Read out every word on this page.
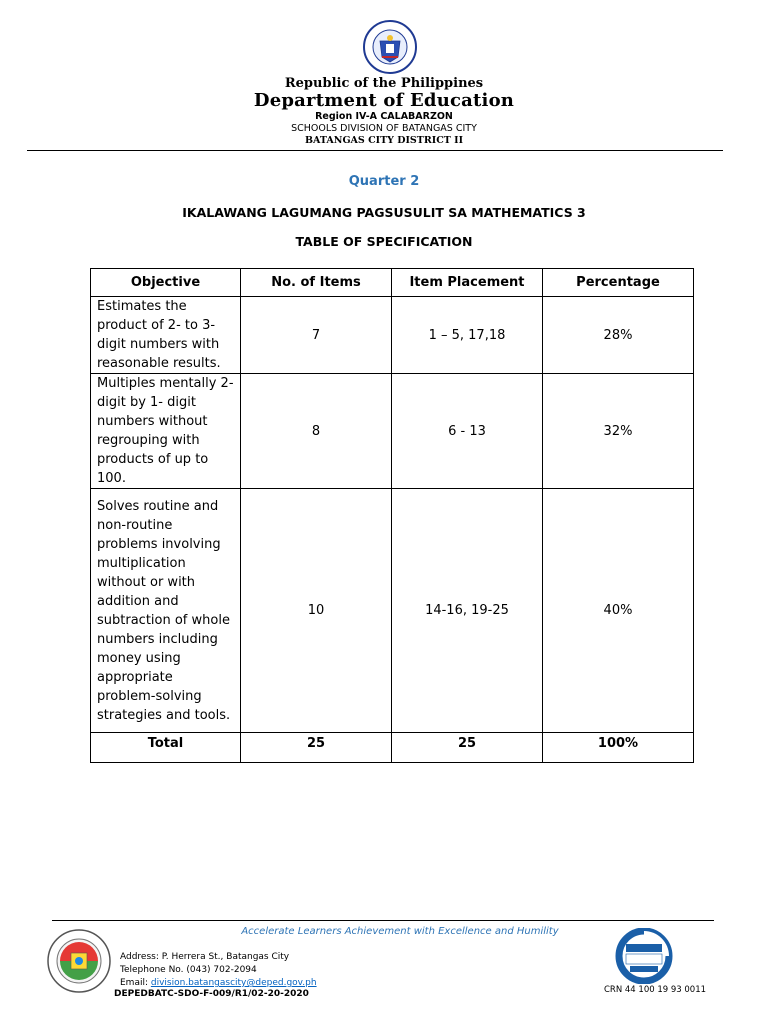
Republic of the Philippines
Department of Education
Region IV-A CALABARZON
SCHOOLS DIVISION OF BATANGAS CITY
BATANGAS CITY DISTRICT II
Quarter 2
IKALAWANG LAGUMANG PAGSUSULIT SA MATHEMATICS 3
TABLE OF SPECIFICATION
Objective	No. of Items	Item Placement	Percentage
Estimates the product of 2- to 3-digit numbers with reasonable results.	7	1 – 5, 17,18	28%
Multiples mentally 2-digit by 1- digit numbers without regrouping with products of up to 100.	8	6 - 13	32%
Solves routine and non-routine problems involving multiplication without or with addition and subtraction of whole numbers including money using appropriate problem-solving strategies and tools.	10	14-16, 19-25	40%
Total	25	25	100%
Accelerate Learners Achievement with Excellence and Humility
Address: P. Herrera St., Batangas City
Telephone No. (043) 702-2094
Email: division.batangascity@deped.gov.ph
DEPEDBATC-SDO-F-009/R1/02-20-2020	CRN 44 100 19 93 0011
